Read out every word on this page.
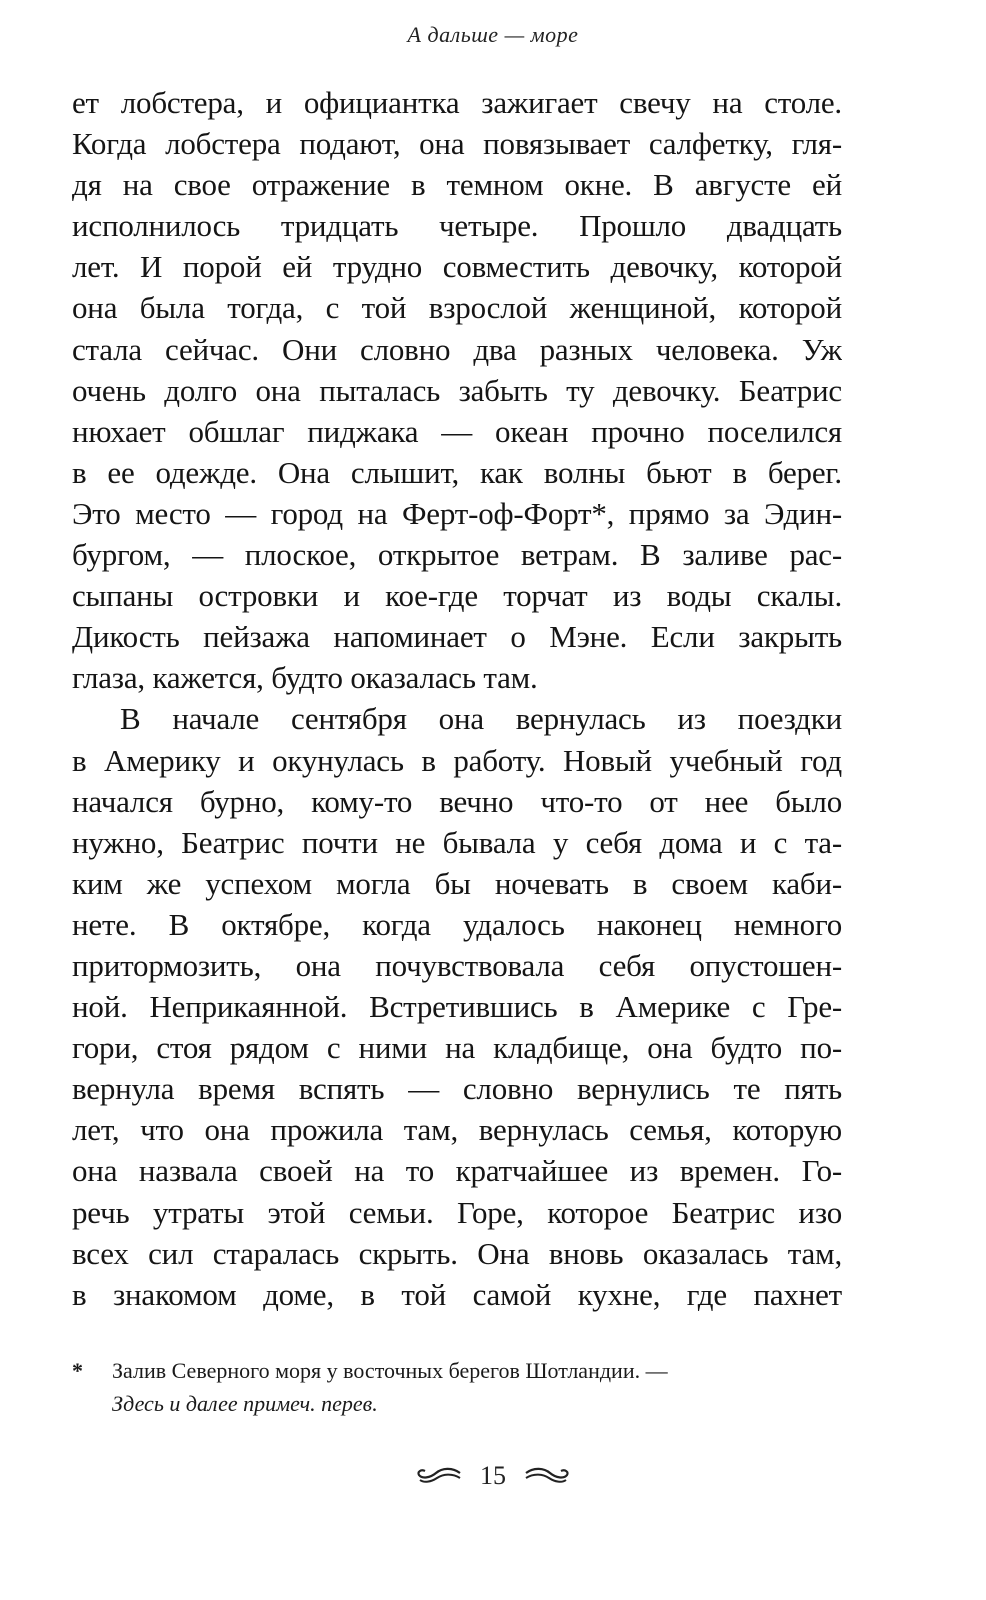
А дальше — море
ет лобстера, и официантка зажигает свечу на столе.
Когда лобстера подают, она повязывает салфетку, гля-
дя на свое отражение в темном окне. В августе ей
исполнилось тридцать четыре. Прошло двадцать
лет. И порой ей трудно совместить девочку, которой
она была тогда, с той взрослой женщиной, которой
стала сейчас. Они словно два разных человека. Уж
очень долго она пыталась забыть ту девочку. Беатрис
нюхает обшлаг пиджака — океан прочно поселился
в ее одежде. Она слышит, как волны бьют в берег.
Это место — город на Ферт-оф-Форт*, прямо за Эдин-
бургом, — плоское, открытое ветрам. В заливе рас-
сыпаны островки и кое-где торчат из воды скалы.
Дикость пейзажа напоминает о Мэне. Если закрыть
глаза, кажется, будто оказалась там.
В начале сентября она вернулась из поездки
в Америку и окунулась в работу. Новый учебный год
начался бурно, кому-то вечно что-то от нее было
нужно, Беатрис почти не бывала у себя дома и с та-
ким же успехом могла бы ночевать в своем каби-
нете. В октябре, когда удалось наконец немного
притормозить, она почувствовала себя опустошен-
ной. Неприкаянной. Встретившись в Америке с Гре-
гори, стоя рядом с ними на кладбище, она будто по-
вернула время вспять — словно вернулись те пять
лет, что она прожила там, вернулась семья, которую
она назвала своей на то кратчайшее из времен. Го-
речь утраты этой семьи. Горе, которое Беатрис изо
всех сил старалась скрыть. Она вновь оказалась там,
в знакомом доме, в той самой кухне, где пахнет
*	Залив Северного моря у восточных берегов Шотландии. —
Здесь и далее примеч. перев.
15
